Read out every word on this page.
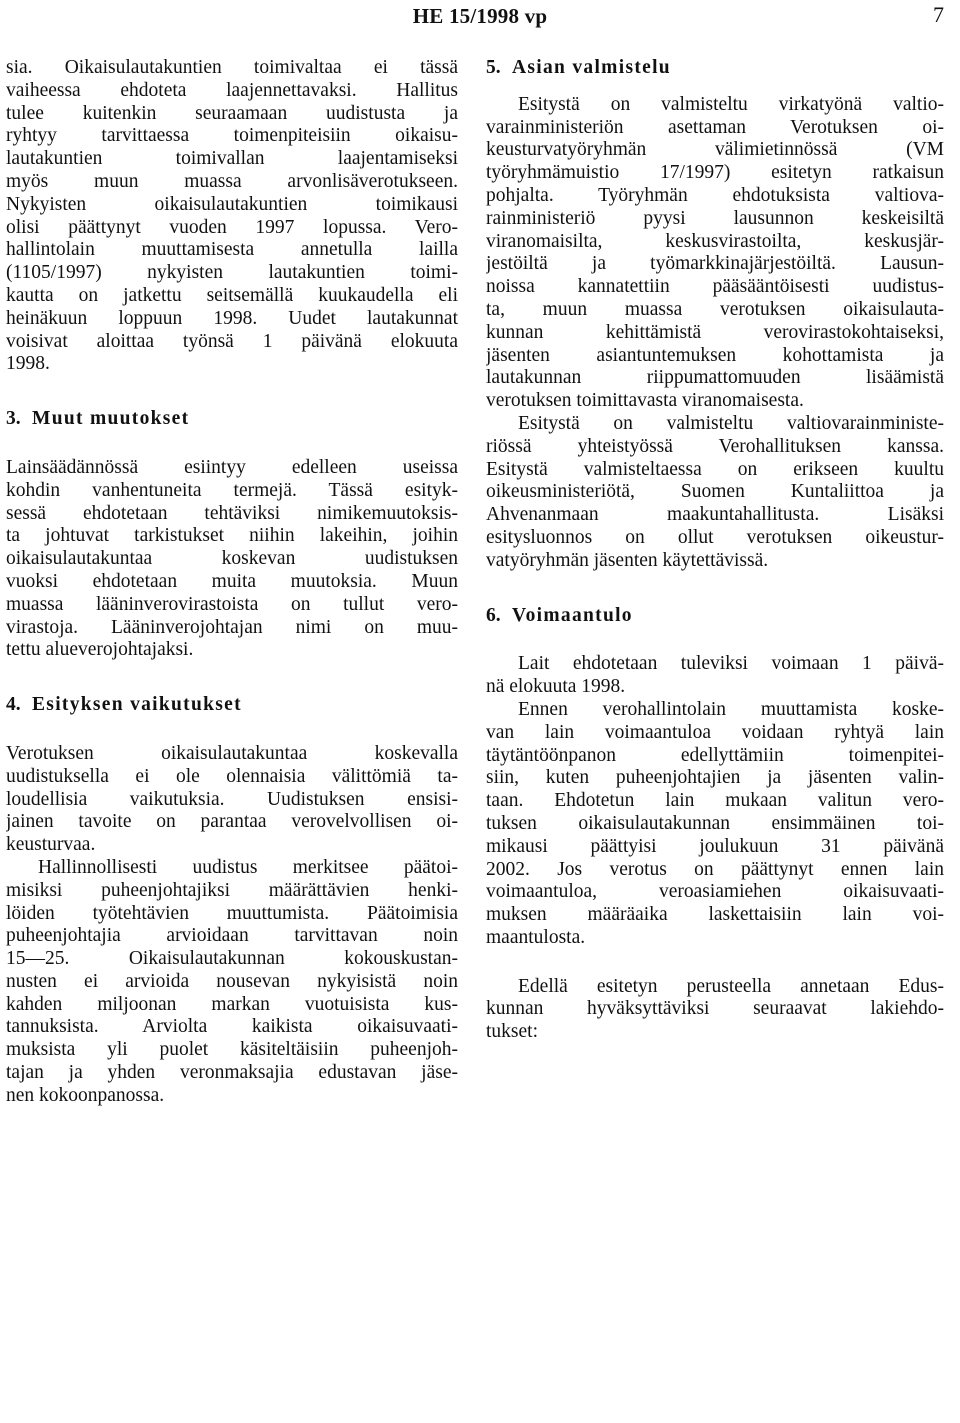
HE 15/1998 vp	7
sia. Oikaisulautakuntien toimivaltaa ei tässä
vaiheessa ehdoteta laajennettavaksi. Hallitus
tulee kuitenkin seuraamaan uudistusta ja
ryhtyy tarvittaessa toimenpiteisiin oikaisu-
lautakuntien toimivallan laajentamiseksi
myös muun muassa arvonlisäverotukseen.
Nykyisten oikaisulautakuntien toimikausi
olisi päättynyt vuoden 1997 lopussa. Vero-
hallintolain muuttamisesta annetulla lailla
(1105/1997) nykyisten lautakuntien toimi-
kautta on jatkettu seitsemällä kuukaudella eli
heinäkuun loppuun 1998. Uudet lautakunnat
voisivat aloittaa työnsä 1 päivänä elokuuta
1998.
3. Muut muutokset
Lainsäädännössä esiintyy edelleen useissa
kohdin vanhentuneita termejä. Tässä esityk-
sessä ehdotetaan tehtäviksi nimikemuutoksis-
ta johtuvat tarkistukset niihin lakeihin, joihin
oikaisulautakuntaa koskevan uudistuksen
vuoksi ehdotetaan muita muutoksia. Muun
muassa lääninverovirastoista on tullut vero-
virastoja. Lääninverojohtajan nimi on muu-
tettu alueverojohtajaksi.
4. Esityksen vaikutukset
Verotuksen oikaisulautakuntaa koskevalla
uudistuksella ei ole olennaisia välittömiä ta-
loudellisia vaikutuksia. Uudistuksen ensisi-
jainen tavoite on parantaa verovelvollisen oi-
keusturvaa.
Hallinnollisesti uudistus merkitsee päätoi-
misiksi puheenjohtajiksi määrättävien henki-
löiden työtehtävien muuttumista. Päätoimisia
puheenjohtajia arvioidaan tarvittavan noin
15—25. Oikaisulautakunnan kokouskustan-
nusten ei arvioida nousevan nykyisistä noin
kahden miljoonan markan vuotuisista kus-
tannuksista. Arviolta kaikista oikaisuvaati-
muksista yli puolet käsiteltäisiin puheenjoh-
tajan ja yhden veronmaksajia edustavan jäse-
nen kokoonpanossa.
5. Asian valmistelu
Esitystä on valmisteltu virkatyönä valtio-
varainministeriön asettaman Verotuksen oi-
keusturvatyöryhmän välimietinnössä (VM
työryhmämuistio 17/1997) esitetyn ratkaisun
pohjalta. Työryhmän ehdotuksista valtiova-
rainministeriö pyysi lausunnon keskeisiltä
viranomaisilta, keskusvirastoilta, keskusjär-
jestöiltä ja työmarkkinajärjestöiltä. Lausun-
noissa kannatettiin pääsääntöisesti uudistus-
ta, muun muassa verotuksen oikaisulauta-
kunnan kehittämistä verovirastokohtaiseksi,
jäsenten asiantuntemuksen kohottamista ja
lautakunnan riippumattomuuden lisäämistä
verotuksen toimittavasta viranomaisesta.
Esitystä on valmisteltu valtiovarainministe-
riössä yhteistyössä Verohallituksen kanssa.
Esitystä valmisteltaessa on erikseen kuultu
oikeusministeriötä, Suomen Kuntaliittoa ja
Ahvenanmaan maakuntahallitusta. Lisäksi
esitysluonnos on ollut verotuksen oikeustur-
vatyöryhmän jäsenten käytettävissä.
6. Voimaantulo
Lait ehdotetaan tuleviksi voimaan 1 päivä-
nä elokuuta 1998.
Ennen verohallintolain muuttamista koske-
van lain voimaantuloa voidaan ryhtyä lain
täytäntöönpanon edellyttämiin toimenpitei-
siin, kuten puheenjohtajien ja jäsenten valin-
taan. Ehdotetun lain mukaan valitun vero-
tuksen oikaisulautakunnan ensimmäinen toi-
mikausi päättyisi joulukuun 31 päivänä
2002. Jos verotus on päättynyt ennen lain
voimaantuloa, veroasiamiehen oikaisuvaati-
muksen määräaika laskettaisiin lain voi-
maantulosta.
Edellä esitetyn perusteella annetaan Edus-
kunnan hyväksyttäviksi seuraavat lakiehdo-
tukset:
